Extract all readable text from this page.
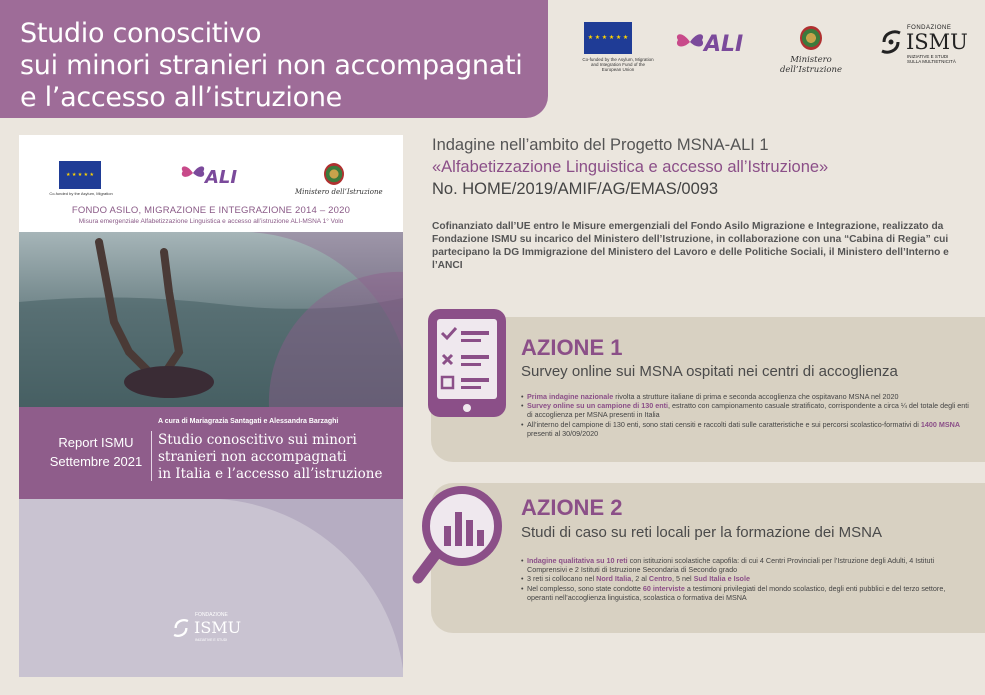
Studio conoscitivo
sui minori stranieri non accompagnati
e l’accesso all’istruzione
★ ★ ★ ★ ★ ★
Co-funded by the Asylum, Migration
and Integration Fund of the European Union
ALI
Ministero dell’Istruzione
FONDAZIONE
ISMU
INIZIATIVE E STUDI
SULLA MULTIETNICITÀ
★ ★ ★ ★ ★
Co-funded by the Asylum, Migration
ALI
Ministero dell’Istruzione
FONDO ASILO, MIGRAZIONE E INTEGRAZIONE 2014 – 2020
Misura emergenziale Alfabetizzazione Linguistica e accesso all’istruzione ALI-MSNA 1° Volo
Report ISMU
Settembre 2021
A cura di Mariagrazia Santagati e Alessandra Barzaghi
Studio conoscitivo sui minori
stranieri non accompagnati
in Italia e l’accesso all’istruzione
FONDAZIONE
ISMU
INIZIATIVE E STUDI
Indagine nell’ambito del Progetto MSNA-ALI 1
«Alfabetizzazione Linguistica e accesso all’Istruzione»
No. HOME/2019/AMIF/AG/EMAS/0093
Cofinanziato dall’UE entro le Misure emergenziali del Fondo Asilo Migrazione e Integrazione, realizzato da Fondazione ISMU su incarico del Ministero dell’Istruzione, in collaborazione con una “Cabina di Regia” cui partecipano la DG Immigrazione del Ministero del Lavoro e delle Politiche Sociali, il Ministero dell’Interno e l’ANCI
AZIONE 1
Survey online sui MSNA ospitati nei centri di accoglienza
• Prima indagine nazionale rivolta a strutture italiane di prima e seconda accoglienza che ospitavano MSNA nel 2020
• Survey online su un campione di 130 enti, estratto con campionamento casuale stratificato, corrispondente a circa ¼ del totale degli enti di accoglienza per MSNA presenti in Italia
• All’interno del campione di 130 enti, sono stati censiti e raccolti dati sulle caratteristiche e sui percorsi scolastico-formativi di 1400 MSNA presenti al 30/09/2020
AZIONE 2
Studi di caso su reti locali per la formazione dei MSNA
• Indagine qualitativa su 10 reti con istituzioni scolastiche capofila: di cui 4 Centri Provinciali per l’Istruzione degli Adulti, 4 Istituti Comprensivi e 2 Istituti di Istruzione Secondaria di Secondo grado
• 3 reti si collocano nel Nord Italia, 2 al Centro, 5 nel Sud Italia e Isole
• Nel complesso, sono state condotte 60 interviste a testimoni privilegiati del mondo scolastico, degli enti pubblici e del terzo settore, operanti nell’accoglienza linguistica, scolastica o formativa dei MSNA
